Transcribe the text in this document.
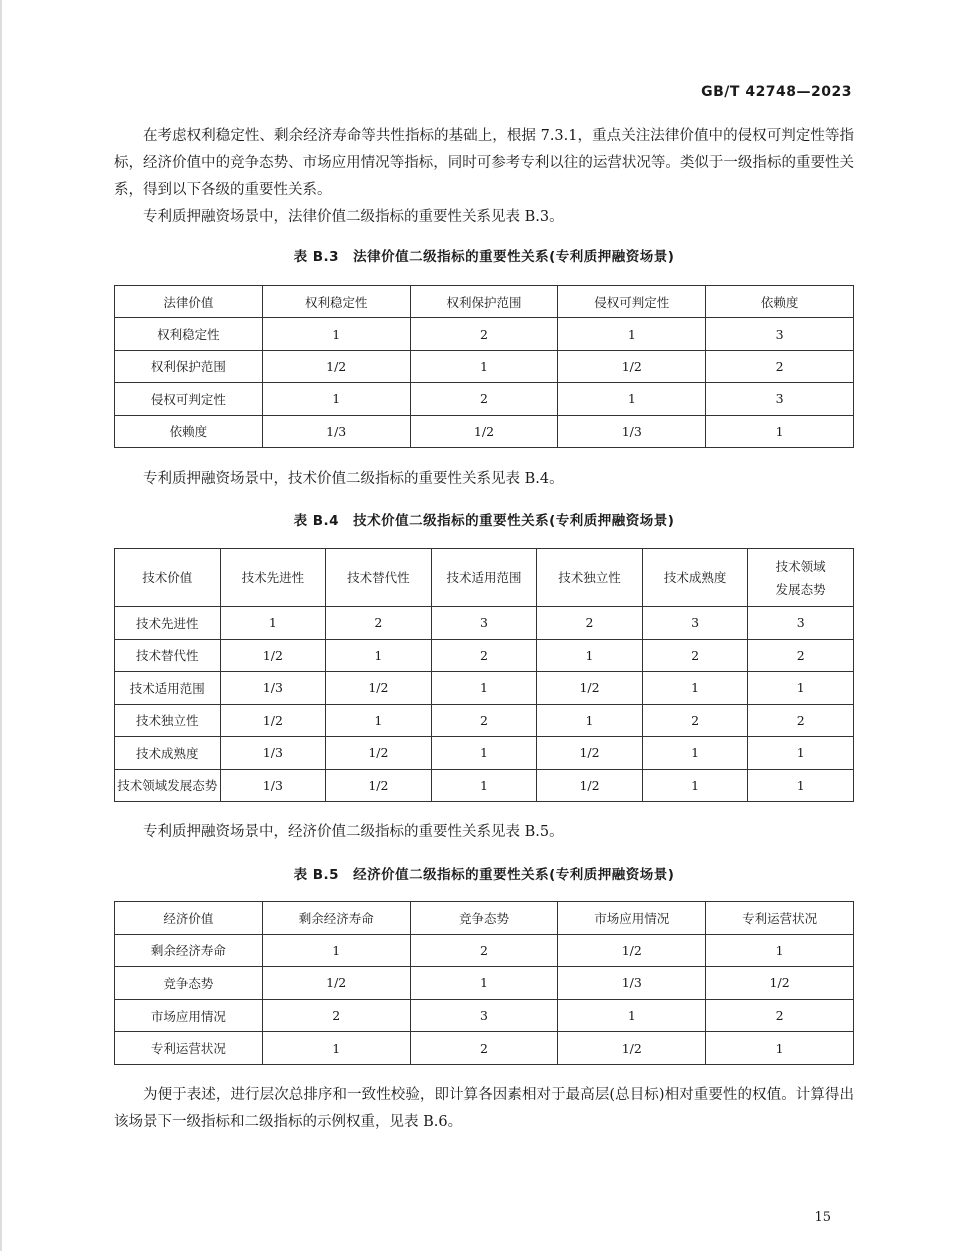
GB/T 42748—2023

在考虑权利稳定性、剩余经济寿命等共性指标的基础上，根据 7.3.1，重点关注法律价值中的侵权可判定性等指标，经济价值中的竞争态势、市场应用情况等指标，同时可参考专利以往的运营状况等。类似于一级指标的重要性关系，得到以下各级的重要性关系。

专利质押融资场景中，法律价值二级指标的重要性关系见表 B.3。

表 B.3　法律价值二级指标的重要性关系(专利质押融资场景)
法律价值	权利稳定性	权利保护范围	侵权可判定性	依赖度
权利稳定性	1	2	1	3
权利保护范围	1/2	1	1/2	2
侵权可判定性	1	2	1	3
依赖度	1/3	1/2	1/3	1

专利质押融资场景中，技术价值二级指标的重要性关系见表 B.4。

表 B.4　技术价值二级指标的重要性关系(专利质押融资场景)
技术价值	技术先进性	技术替代性	技术适用范围	技术独立性	技术成熟度	技术领域
发展态势
技术先进性	1	2	3	2	3	3
技术替代性	1/2	1	2	1	2	2
技术适用范围	1/3	1/2	1	1/2	1	1
技术独立性	1/2	1	2	1	2	2
技术成熟度	1/3	1/2	1	1/2	1	1
技术领域发展态势	1/3	1/2	1	1/2	1	1

专利质押融资场景中，经济价值二级指标的重要性关系见表 B.5。

表 B.5　经济价值二级指标的重要性关系(专利质押融资场景)
经济价值	剩余经济寿命	竞争态势	市场应用情况	专利运营状况
剩余经济寿命	1	2	1/2	1
竞争态势	1/2	1	1/3	1/2
市场应用情况	2	3	1	2
专利运营状况	1	2	1/2	1

为便于表述，进行层次总排序和一致性校验，即计算各因素相对于最高层(总目标)相对重要性的权值。计算得出该场景下一级指标和二级指标的示例权重，见表 B.6。

15
